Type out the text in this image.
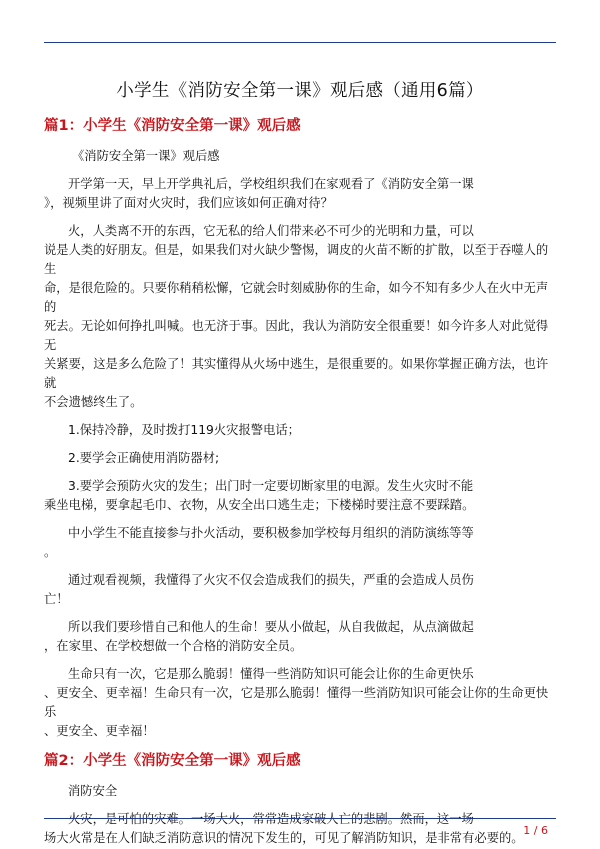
小学生《消防安全第一课》观后感（通用6篇）
篇1：小学生《消防安全第一课》观后感

《消防安全第一课》观后感

开学第一天，早上开学典礼后，学校组织我们在家观看了《消防安全第一课

》，视频里讲了面对火灾时，我们应该如何正确对待？

火，人类离不开的东西，它无私的给人们带来必不可少的光明和力量，可以

说是人类的好朋友。但是，如果我们对火缺少警惕，调皮的火苗不断的扩散，以至于吞噬人的生

命，是很危险的。只要你稍稍松懈，它就会时刻威胁你的生命，如今不知有多少人在火中无声的

死去。无论如何挣扎叫喊。也无济于事。因此，我认为消防安全很重要！如今许多人对此觉得无

关紧要，这是多么危险了！其实懂得从火场中逃生，是很重要的。如果你掌握正确方法，也许就

不会遗憾终生了。

1.保持冷静，及时拨打119火灾报警电话；

2.要学会正确使用消防器材;

3.要学会预防火灾的发生；出门时一定要切断家里的电源。发生火灾时不能

乘坐电梯，要拿起毛巾、衣物，从安全出口逃生走；下楼梯时要注意不要踩踏。

中小学生不能直接参与扑火活动，要积极参加学校每月组织的消防演练等等

。

通过观看视频，我懂得了火灾不仅会造成我们的损失，严重的会造成人员伤

亡！

所以我们要珍惜自己和他人的生命！要从小做起，从自我做起，从点滴做起

，在家里、在学校想做一个合格的消防安全员。

生命只有一次，它是那么脆弱！懂得一些消防知识可能会让你的生命更快乐

、更安全、更幸福！生命只有一次，它是那么脆弱！懂得一些消防知识可能会让你的生命更快乐

、更安全、更幸福！

篇2：小学生《消防安全第一课》观后感

消防安全

火灾，是可怕的灾难。一场大火，常常造成家破人亡的悲剧。然而，这一场

场大火常是在人们缺乏消防意识的情况下发生的，可见了解消防知识，是非常有必要的。

1 / 6
